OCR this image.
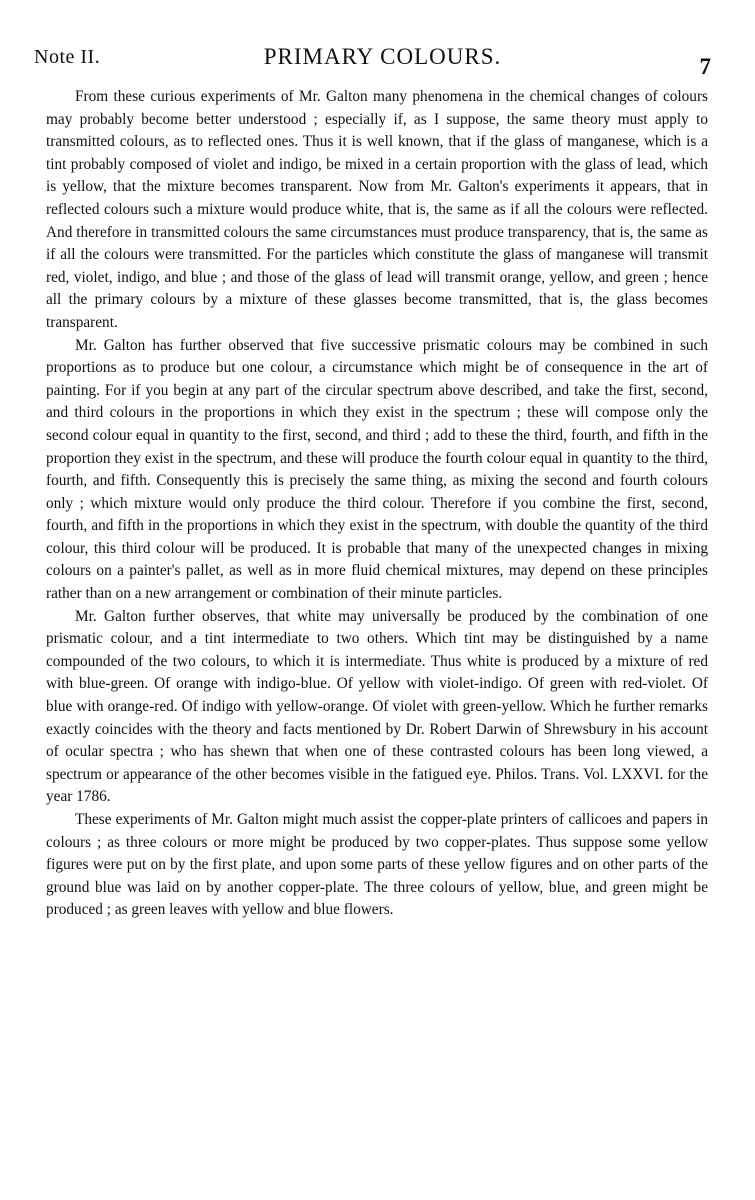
Note II.	PRIMARY COLOURS.	7

From these curious experiments of Mr. Galton many phenomena in the chemical changes of colours may probably become better understood ; especially if, as I suppose, the same theory must apply to transmitted colours, as to reflected ones. Thus it is well known, that if the glass of manganese, which is a tint probably composed of violet and indigo, be mixed in a certain proportion with the glass of lead, which is yellow, that the mixture becomes transparent. Now from Mr. Galton's experiments it appears, that in reflected colours such a mixture would produce white, that is, the same as if all the colours were reflected. And therefore in transmitted colours the same circumstances must produce transparency, that is, the same as if all the colours were transmitted. For the particles which constitute the glass of manganese will transmit red, violet, indigo, and blue ; and those of the glass of lead will transmit orange, yellow, and green ; hence all the primary colours by a mixture of these glasses become transmitted, that is, the glass becomes transparent.

Mr. Galton has further observed that five successive prismatic colours may be combined in such proportions as to produce but one colour, a circumstance which might be of consequence in the art of painting. For if you begin at any part of the circular spectrum above described, and take the first, second, and third colours in the proportions in which they exist in the spectrum ; these will compose only the second colour equal in quantity to the first, second, and third ; add to these the third, fourth, and fifth in the proportion they exist in the spectrum, and these will produce the fourth colour equal in quantity to the third, fourth, and fifth. Consequently this is precisely the same thing, as mixing the second and fourth colours only ; which mixture would only produce the third colour. Therefore if you combine the first, second, fourth, and fifth in the proportions in which they exist in the spectrum, with double the quantity of the third colour, this third colour will be produced. It is probable that many of the unexpected changes in mixing colours on a painter's pallet, as well as in more fluid chemical mixtures, may depend on these principles rather than on a new arrangement or combination of their minute particles.

Mr. Galton further observes, that white may universally be produced by the combination of one prismatic colour, and a tint intermediate to two others. Which tint may be distinguished by a name compounded of the two colours, to which it is intermediate. Thus white is produced by a mixture of red with blue-green. Of orange with indigo-blue. Of yellow with violet-indigo. Of green with red-violet. Of blue with orange-red. Of indigo with yellow-orange. Of violet with green-yellow. Which he further remarks exactly coincides with the theory and facts mentioned by Dr. Robert Darwin of Shrewsbury in his account of ocular spectra ; who has shewn that when one of these contrasted colours has been long viewed, a spectrum or appearance of the other becomes visible in the fatigued eye. Philos. Trans. Vol. LXXVI. for the year 1786.

These experiments of Mr. Galton might much assist the copper-plate printers of callicoes and papers in colours ; as three colours or more might be produced by two copper-plates. Thus suppose some yellow figures were put on by the first plate, and upon some parts of these yellow figures and on other parts of the ground blue was laid on by another copper-plate. The three colours of yellow, blue, and green might be produced ; as green leaves with yellow and blue flowers.
